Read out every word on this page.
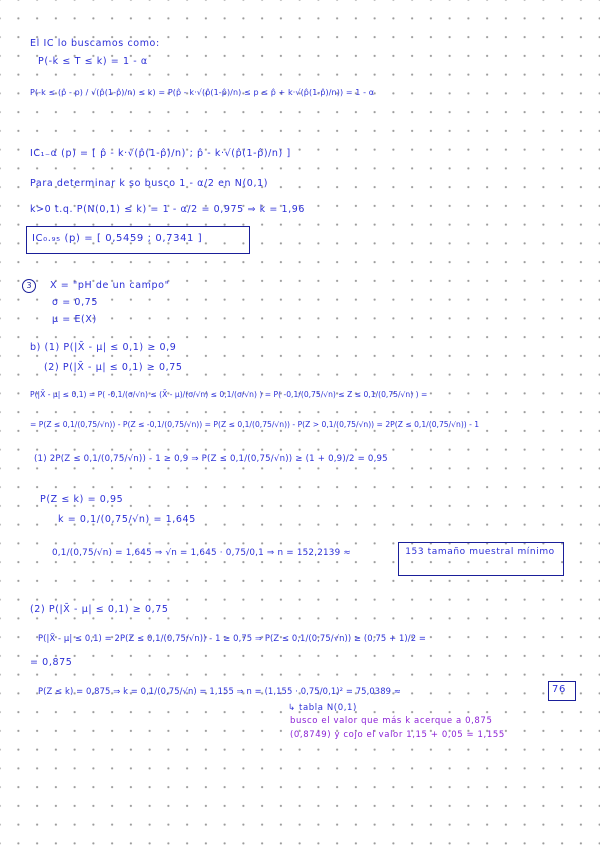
El IC lo buscamos como:
P(-k ≤ T ≤ k) = 1 - α
P(-k ≤ (p̂ - p) / √(p̂(1-p̂)/n) ≤ k) = P(p̂ - k·√(p̂(1-p̂)/n) ≤ p ≤ p̂ + k·√(p̂(1-p̂)/n)) = 1 - α
IC₁₋α (p) = [ p̂ - k·√(p̂(1-p̂)/n) ; p̂ - k·√(p̂(1-p̂)/n) ]
Para determinar k so busco 1 - α/2 en N(0,1)
k>0 t.q. P(N(0,1) ≤ k) = 1 - α/2 = 0,975 ⇒ k = 1,96
IC₀.₉₅ (p) = [ 0,5459 ; 0,7341 ]
3	X = "pH de un campo"
σ = 0,75
μ = E(X)
b) (1) P(|X̄ - μ| ≤ 0,1) ≥ 0,9
(2) P(|X̄ - μ| ≤ 0,1) ≥ 0,75
P(|X̄ - μ| ≤ 0,1) = P( -0,1/(σ/√n) ≤ (X̄ - μ)/(σ/√n) ≤ 0,1/(σ/√n) ) = P( -0,1/(0,75/√n) ≤ Z ≤ 0,1/(0,75/√n) ) =
= P(Z ≤ 0,1/(0,75/√n)) - P(Z ≤ -0,1/(0,75/√n)) = P(Z ≤ 0,1/(0,75/√n)) - P(Z > 0,1/(0,75/√n)) = 2P(Z ≤ 0,1/(0,75/√n)) - 1
(1) 2P(Z ≤ 0,1/(0,75/√n)) - 1 ≥ 0,9 ⇒ P(Z ≤ 0,1/(0,75/√n)) ≥ (1 + 0,9)/2 = 0,95
P(Z ≤ k) = 0,95
k = 0,1/(0,75/√n) = 1,645
0,1/(0,75/√n) = 1,645 ⇒ √n = 1,645 · 0,75/0,1 ⇒ n = 152,2139 ≈	153 tamaño muestral mínimo
(2) P(|X̄ - μ| ≤ 0,1) ≥ 0,75
P(|X̄ - μ| ≤ 0,1) = 2P(Z ≤ 0,1/(0,75/√n)) - 1 ≥ 0,75 ⇒ P(Z ≤ 0,1/(0,75/√n)) ≥ (0,75 + 1)/2 =
= 0,875
P(Z ≤ k) = 0,875 ⇒ k = 0,1/(0,75/√n) = 1,155 ⇒ n = (1,155 · 0,75/0,1)² = 75,0389 ≈	76
↳ tabla N(0,1)
busco el valor que más k acerque a 0,875
(0,8749) y cojo el valor 1,15 + 0,05 = 1,155
